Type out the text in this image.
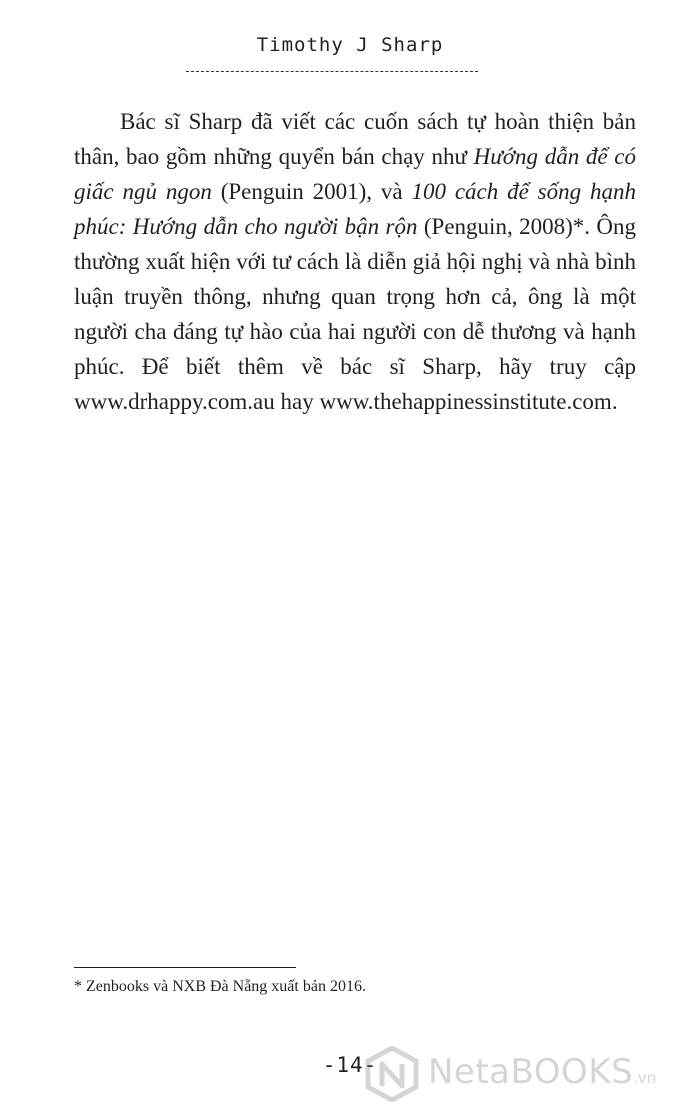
Timothy J Sharp

Bác sĩ Sharp đã viết các cuốn sách tự hoàn thiện bản thân, bao gồm những quyển bán chạy như Hướng dẫn để có giấc ngủ ngon (Penguin 2001), và 100 cách để sống hạnh phúc: Hướng dẫn cho người bận rộn (Penguin, 2008)*. Ông thường xuất hiện với tư cách là diễn giả hội nghị và nhà bình luận truyền thông, nhưng quan trọng hơn cả, ông là một người cha đáng tự hào của hai người con dễ thương và hạnh phúc. Để biết thêm về bác sĩ Sharp, hãy truy cập www.drhappy.com.au hay www.thehappinessinstitute.com.

* Zenbooks và NXB Đà Nẵng xuất bản 2016.

-14-	NetaBOOKS.vn
